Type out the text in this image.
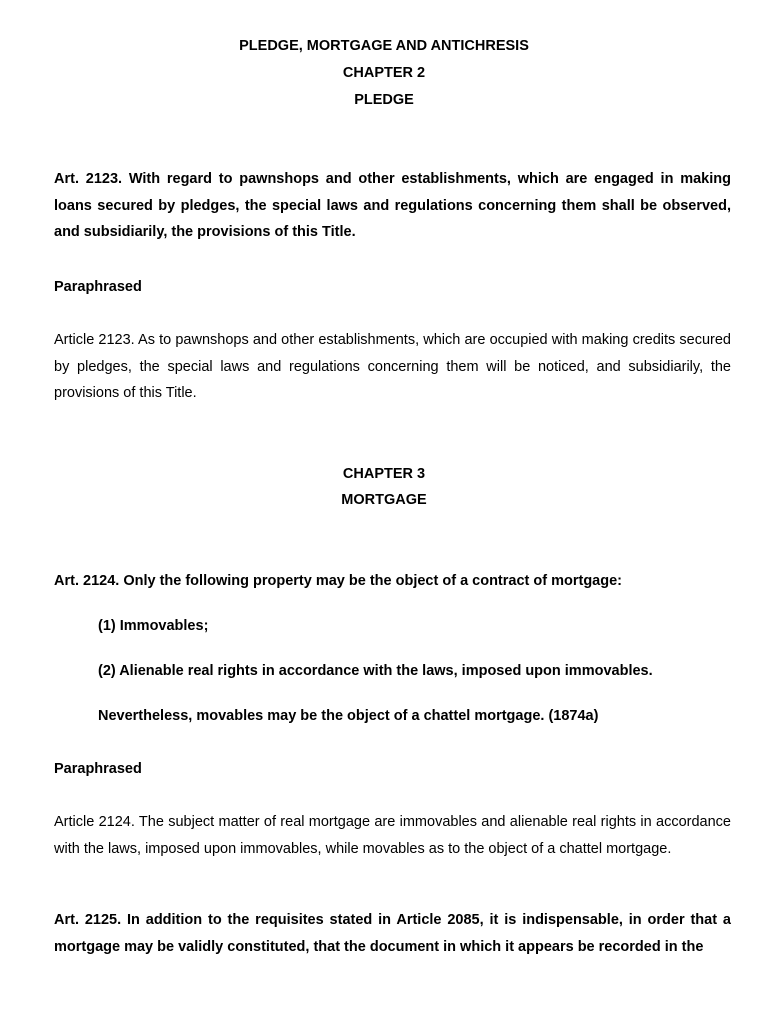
PLEDGE, MORTGAGE AND ANTICHRESIS

CHAPTER 2

PLEDGE

Art. 2123. With regard to pawnshops and other establishments, which are engaged in making loans secured by pledges, the special laws and regulations concerning them shall be observed, and subsidiarily, the provisions of this Title.

Paraphrased

Article 2123. As to pawnshops and other establishments, which are occupied with making credits secured by pledges, the special laws and regulations concerning them will be noticed, and subsidiarily, the provisions of this Title.

CHAPTER 3

MORTGAGE

Art. 2124. Only the following property may be the object of a contract of mortgage:

(1) Immovables;

(2) Alienable real rights in accordance with the laws, imposed upon immovables.

Nevertheless, movables may be the object of a chattel mortgage. (1874a)

Paraphrased

Article 2124. The subject matter of real mortgage are immovables and alienable real rights in accordance with the laws, imposed upon immovables, while movables as to the object of a chattel mortgage.

Art. 2125. In addition to the requisites stated in Article 2085, it is indispensable, in order that a mortgage may be validly constituted, that the document in which it appears be recorded in the
